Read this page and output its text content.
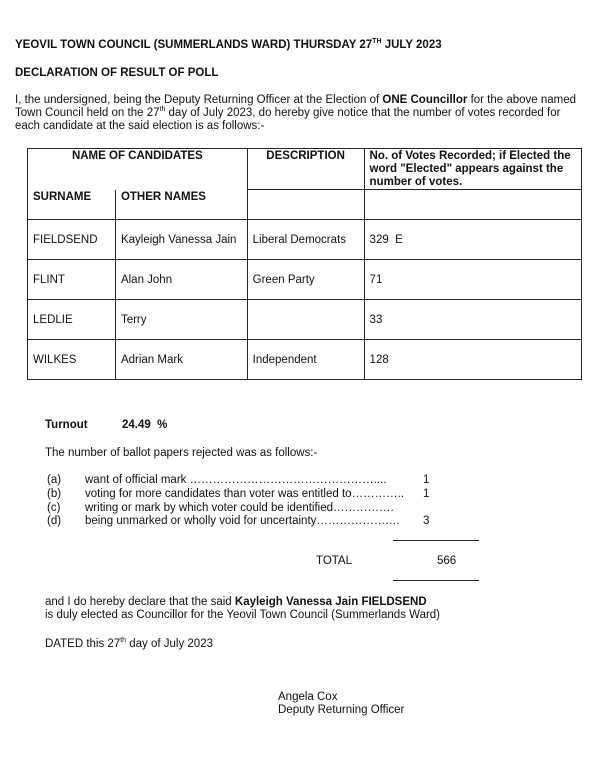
YEOVIL TOWN COUNCIL (SUMMERLANDS WARD) THURSDAY 27TH JULY 2023
DECLARATION OF RESULT OF POLL
I, the undersigned, being the Deputy Returning Officer at the Election of ONE Councillor for the above named Town Council held on the 27th day of July 2023, do hereby give notice that the number of votes recorded for each candidate at the said election is as follows:-
NAME OF CANDIDATES		DESCRIPTION	No. of Votes Recorded; if Elected the word "Elected" appears against the number of votes.
SURNAME	OTHER NAMES		
FIELDSEND	Kayleigh Vanessa Jain	Liberal Democrats	329  E
FLINT	Alan John	Green Party	71
LEDLIE	Terry		33
WILKES	Adrian Mark	Independent	128
Turnout	24.49  %
The number of ballot papers rejected was as follows:-
(a) want of official mark …………………………………………....	1
(b) voting for more candidates than voter was entitled to………….. 1
(c) writing or mark by which voter could be identified…………….
(d) being unmarked or wholly void for uncertainty……………….… 3
TOTAL	566
and I do hereby declare that the said Kayleigh Vanessa Jain FIELDSEND
is duly elected as Councillor for the Yeovil Town Council (Summerlands Ward)
DATED this 27th day of July 2023
Angela Cox
Deputy Returning Officer
